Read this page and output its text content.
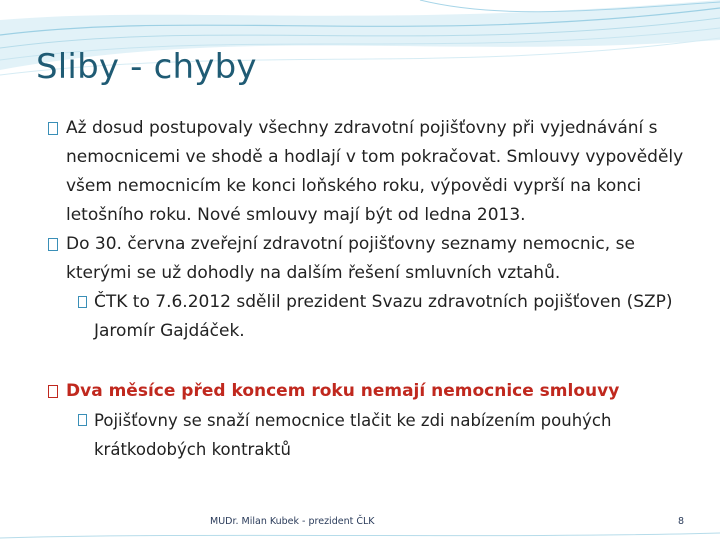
Sliby - chyby

Až dosud postupovaly všechny zdravotní pojišťovny při vyjednávání s nemocnicemi ve shodě a hodlají v tom pokračovat. Smlouvy vypověděly všem nemocnicím ke konci loňského roku, výpovědi vyprší na konci letošního roku. Nové smlouvy mají být od ledna 2013.

Do 30. června zveřejní zdravotní pojišťovny seznamy nemocnic, se kterými se už dohodly na dalším řešení smluvních vztahů.

ČTK to 7.6.2012 sdělil prezident Svazu zdravotních pojišťoven (SZP) Jaromír Gajdáček.

Dva měsíce před koncem roku nemají nemocnice smlouvy

Pojišťovny se snaží nemocnice tlačit ke zdi nabízením pouhých krátkodobých kontraktů

MUDr. Milan Kubek - prezident ČLK	8
